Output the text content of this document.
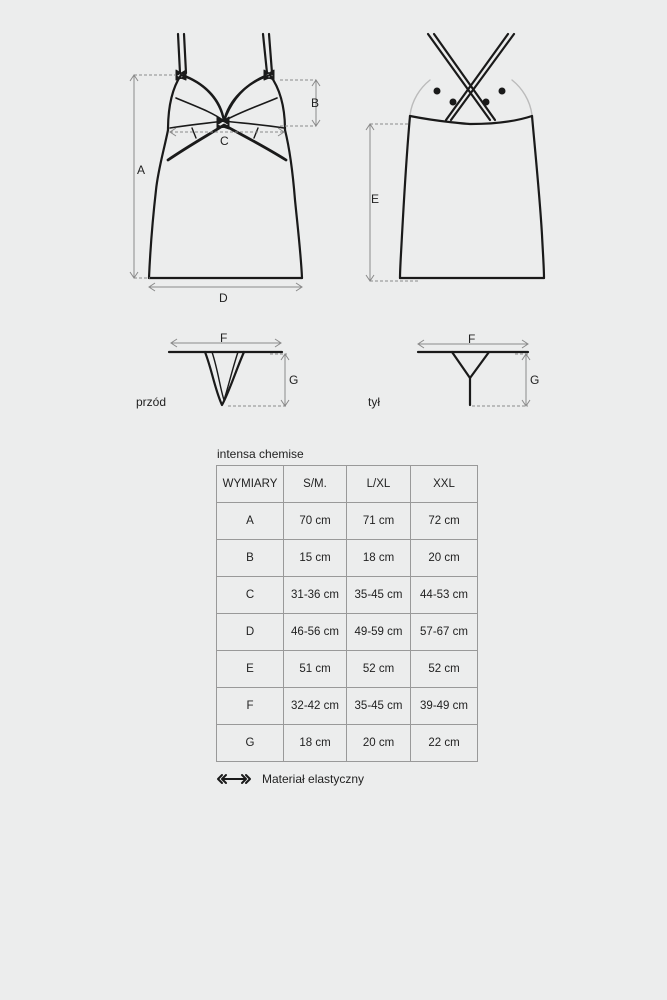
A
B
C
D
E
F	F
G	G
przód	tył
intensa chemise
WYMIARY	S/M.	L/XL	XXL
A	70 cm	71 cm	72 cm
B	15 cm	18 cm	20 cm
C	31-36 cm	35-45 cm	44-53 cm
D	46-56 cm	49-59 cm	57-67 cm
E	51 cm	52 cm	52 cm
F	32-42 cm	35-45 cm	39-49 cm
G	18 cm	20 cm	22 cm
Materiał elastyczny
